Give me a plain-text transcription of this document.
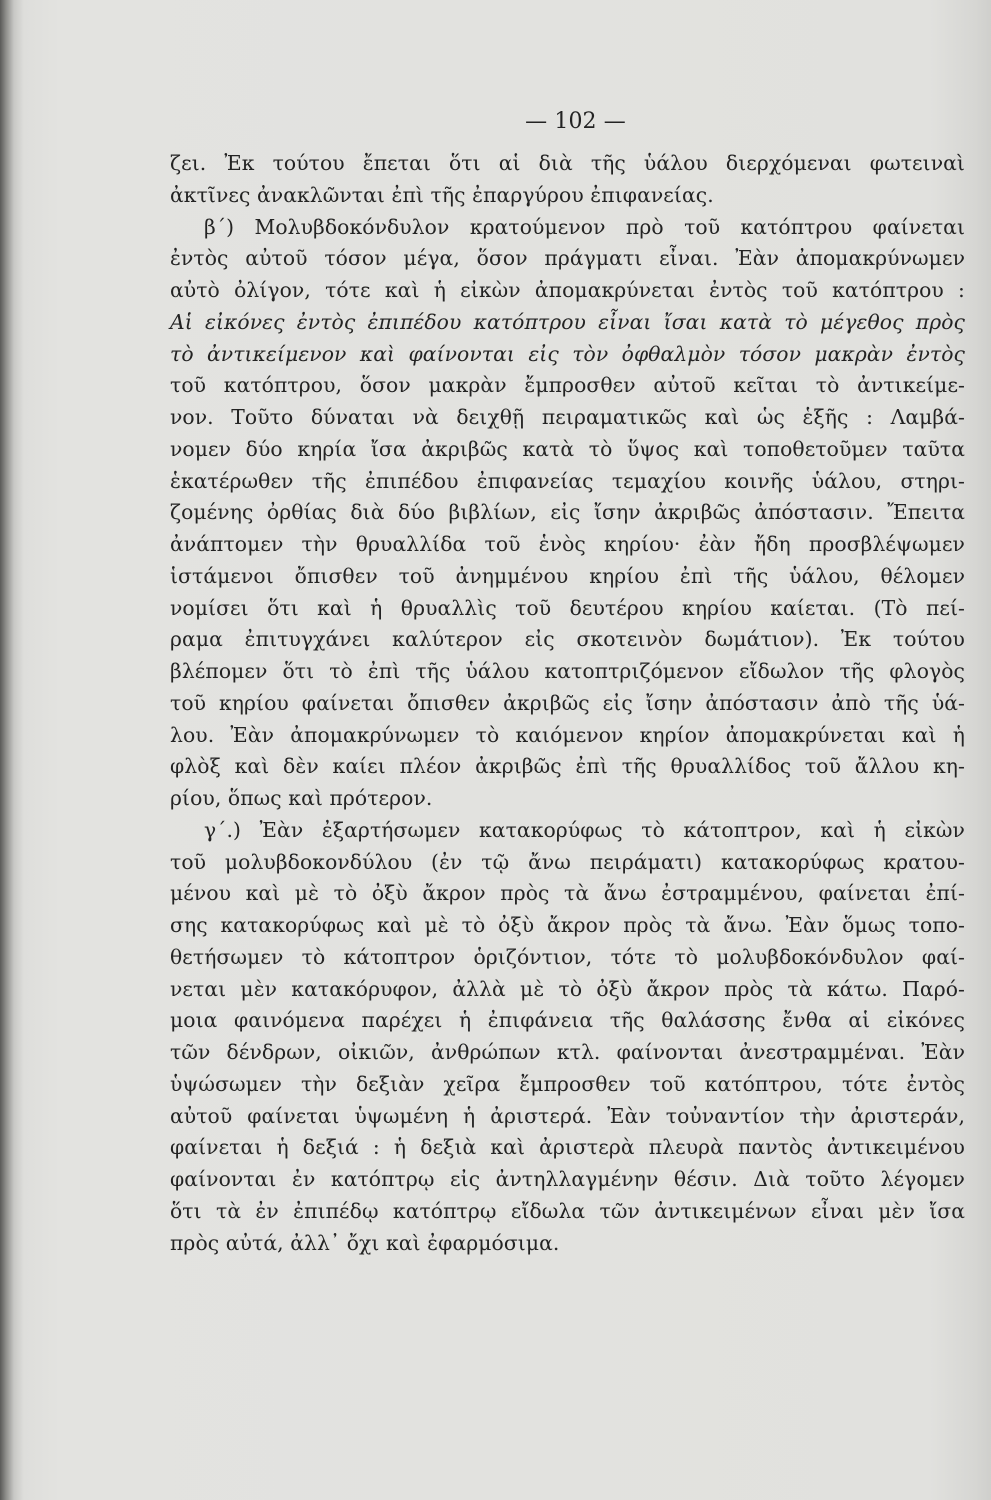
— 102 —
ζει. Ἐκ τούτου ἔπεται ὅτι αἱ διὰ τῆς ὑάλου διερχόμεναι φωτειναὶ
ἀκτῖνες ἀνακλῶνται ἐπὶ τῆς ἐπαργύρου ἐπιφανείας.
β΄) Μολυβδοκόνδυλον κρατούμενον πρὸ τοῦ κατόπτρου φαίνεται
ἐντὸς αὐτοῦ τόσον μέγα, ὅσον πράγματι εἶναι. Ἐὰν ἀπομακρύνωμεν
αὐτὸ ὀλίγον, τότε καὶ ἡ εἰκὼν ἀπομακρύνεται ἐντὸς τοῦ κατόπτρου :
Αἱ εἰκόνες ἐντὸς ἐπιπέδου κατόπτρου εἶναι ἴσαι κατὰ τὸ μέγεθος πρὸς
τὸ ἀντικείμενον καὶ φαίνονται εἰς τὸν ὀφθαλμὸν τόσον μακρὰν ἐντὸς
τοῦ κατόπτρου, ὅσον μακρὰν ἔμπροσθεν αὐτοῦ κεῖται τὸ ἀντικείμε-
νον. Τοῦτο δύναται νὰ δειχθῇ πειραματικῶς καὶ ὡς ἑξῆς : Λαμβά-
νομεν δύο κηρία ἴσα ἀκριβῶς κατὰ τὸ ὕψος καὶ τοποθετοῦμεν ταῦτα
ἑκατέρωθεν τῆς ἐπιπέδου ἐπιφανείας τεμαχίου κοινῆς ὑάλου, στηρι-
ζομένης ὀρθίας διὰ δύο βιβλίων, εἰς ἴσην ἀκριβῶς ἀπόστασιν. Ἔπειτα
ἀνάπτομεν τὴν θρυαλλίδα τοῦ ἑνὸς κηρίου· ἐὰν ἤδη προσβλέψωμεν
ἱστάμενοι ὄπισθεν τοῦ ἀνημμένου κηρίου ἐπὶ τῆς ὑάλου, θέλομεν
νομίσει ὅτι καὶ ἡ θρυαλλὶς τοῦ δευτέρου κηρίου καίεται. (Τὸ πεί-
ραμα ἐπιτυγχάνει καλύτερον εἰς σκοτεινὸν δωμάτιον). Ἐκ τούτου
βλέπομεν ὅτι τὸ ἐπὶ τῆς ὑάλου κατοπτριζόμενον εἴδωλον τῆς φλογὸς
τοῦ κηρίου φαίνεται ὄπισθεν ἀκριβῶς εἰς ἴσην ἀπόστασιν ἀπὸ τῆς ὑά-
λου. Ἐὰν ἀπομακρύνωμεν τὸ καιόμενον κηρίον ἀπομακρύνεται καὶ ἡ
φλὸξ καὶ δὲν καίει πλέον ἀκριβῶς ἐπὶ τῆς θρυαλλίδος τοῦ ἄλλου κη-
ρίου, ὅπως καὶ πρότερον.
γ΄.) Ἐὰν ἐξαρτήσωμεν κατακορύφως τὸ κάτοπτρον, καὶ ἡ εἰκὼν
τοῦ μολυβδοκονδύλου (ἐν τῷ ἄνω πειράματι) κατακορύφως κρατου-
μένου καὶ μὲ τὸ ὀξὺ ἄκρον πρὸς τὰ ἄνω ἐστραμμένου, φαίνεται ἐπί-
σης κατακορύφως καὶ μὲ τὸ ὀξὺ ἄκρον πρὸς τὰ ἄνω. Ἐὰν ὅμως τοπο-
θετήσωμεν τὸ κάτοπτρον ὁριζόντιον, τότε τὸ μολυβδοκόνδυλον φαί-
νεται μὲν κατακόρυφον, ἀλλὰ μὲ τὸ ὀξὺ ἄκρον πρὸς τὰ κάτω. Παρό-
μοια φαινόμενα παρέχει ἡ ἐπιφάνεια τῆς θαλάσσης ἔνθα αἱ εἰκόνες
τῶν δένδρων, οἰκιῶν, ἀνθρώπων κτλ. φαίνονται ἀνεστραμμέναι. Ἐὰν
ὑψώσωμεν τὴν δεξιὰν χεῖρα ἔμπροσθεν τοῦ κατόπτρου, τότε ἐντὸς
αὐτοῦ φαίνεται ὑψωμένη ἡ ἀριστερά. Ἐὰν τοὐναντίον τὴν ἀριστεράν,
φαίνεται ἡ δεξιά : ἡ δεξιὰ καὶ ἀριστερὰ πλευρὰ παντὸς ἀντικειμένου
φαίνονται ἐν κατόπτρῳ εἰς ἀντηλλαγμένην θέσιν. Διὰ τοῦτο λέγομεν
ὅτι τὰ ἐν ἐπιπέδῳ κατόπτρῳ εἴδωλα τῶν ἀντικειμένων εἶναι μὲν ἴσα
πρὸς αὐτά, ἀλλ᾽ ὄχι καὶ ἐφαρμόσιμα.
